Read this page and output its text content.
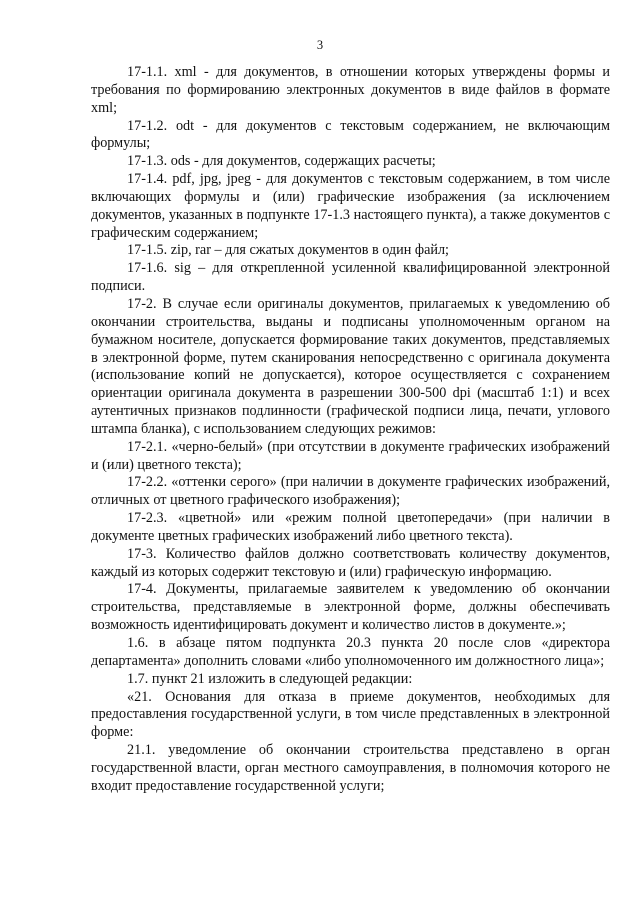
3

17-1.1. xml - для документов, в отношении которых утверждены формы и требования по формированию электронных документов в виде файлов в формате xml;

17-1.2. odt - для документов с текстовым содержанием, не включающим формулы;

17-1.3. ods - для документов, содержащих расчеты;

17-1.4. pdf, jpg, jpeg - для документов с текстовым содержанием, в том числе включающих формулы и (или) графические изображения (за исключением документов, указанных в подпункте 17-1.3 настоящего пункта), а также документов с графическим содержанием;

17-1.5. zip, rar – для сжатых документов в один файл;

17-1.6. sig – для открепленной усиленной квалифицированной электронной подписи.

17-2. В случае если оригиналы документов, прилагаемых к уведомлению об окончании строительства, выданы и подписаны уполномоченным органом на бумажном носителе, допускается формирование таких документов, представляемых в электронной форме, путем сканирования непосредственно с оригинала документа (использование копий не допускается), которое осуществляется с сохранением ориентации оригинала документа в разрешении 300-500 dpi (масштаб 1:1) и всех аутентичных признаков подлинности (графической подписи лица, печати, углового штампа бланка), с использованием следующих режимов:

17-2.1. «черно-белый» (при отсутствии в документе графических изображений и (или) цветного текста);

17-2.2. «оттенки серого» (при наличии в документе графических изображений, отличных от цветного графического изображения);

17-2.3. «цветной» или «режим полной цветопередачи» (при наличии в документе цветных графических изображений либо цветного текста).

17-3. Количество файлов должно соответствовать количеству документов, каждый из которых содержит текстовую и (или) графическую информацию.

17-4. Документы, прилагаемые заявителем к уведомлению об окончании строительства, представляемые в электронной форме, должны обеспечивать возможность идентифицировать документ и количество листов в документе.»;

1.6. в абзаце пятом подпункта 20.3 пункта 20 после слов «директора департамента» дополнить словами «либо уполномоченного им должностного лица»;

1.7. пункт 21 изложить в следующей редакции:

«21. Основания для отказа в приеме документов, необходимых для предоставления государственной услуги, в том числе представленных в электронной форме:

21.1. уведомление об окончании строительства представлено в орган государственной власти, орган местного самоуправления, в полномочия которого не входит предоставление государственной услуги;
